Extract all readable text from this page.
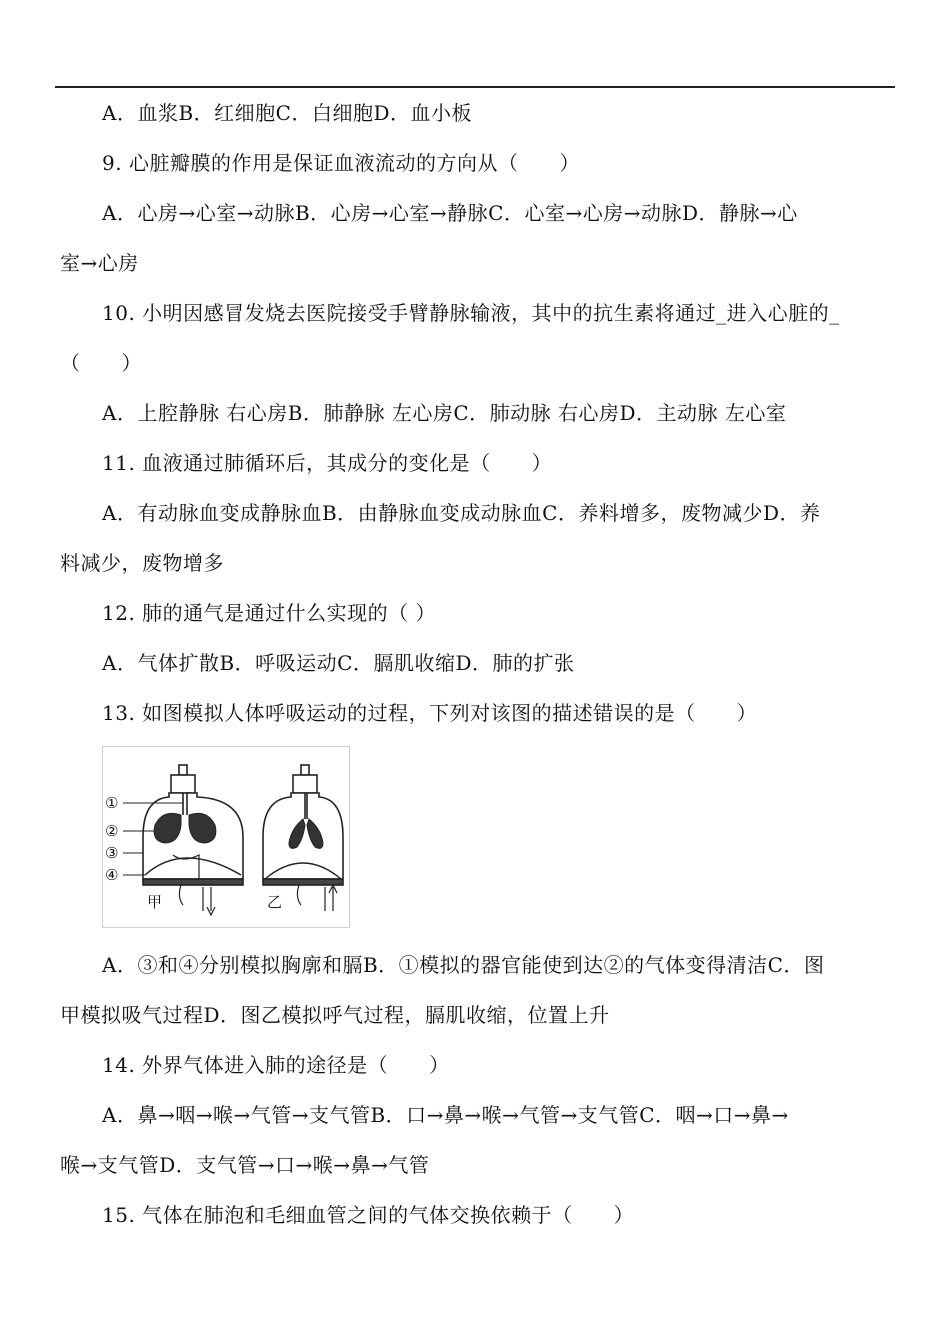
A．血浆B．红细胞C．白细胞D．血小板
9. 心脏瓣膜的作用是保证血液流动的方向从（　　）
A．心房→心室→动脉B．心房→心室→静脉C．心室→心房→动脉D．静脉→心
室→心房
10. 小明因感冒发烧去医院接受手臂静脉输液，其中的抗生素将通过_进入心脏的_
（　　）
A．上腔静脉 右心房B．肺静脉 左心房C．肺动脉 右心房D．主动脉 左心室
11. 血液通过肺循环后，其成分的变化是（　　）
A．有动脉血变成静脉血B．由静脉血变成动脉血C．养料增多，废物减少D．养
料减少，废物增多
12. 肺的通气是通过什么实现的（ ）
A．气体扩散B．呼吸运动C．膈肌收缩D．肺的扩张
13. 如图模拟人体呼吸运动的过程，下列对该图的描述错误的是（　　）
①
②
③
④
甲	乙
A．③和④分别模拟胸廓和膈B．①模拟的器官能使到达②的气体变得清洁C．图
甲模拟吸气过程D．图乙模拟呼气过程，膈肌收缩，位置上升
14. 外界气体进入肺的途径是（　　）
A．鼻→咽→喉→气管→支气管B．口→鼻→喉→气管→支气管C．咽→口→鼻→
喉→支气管D．支气管→口→喉→鼻→气管
15. 气体在肺泡和毛细血管之间的气体交换依赖于（　　）
